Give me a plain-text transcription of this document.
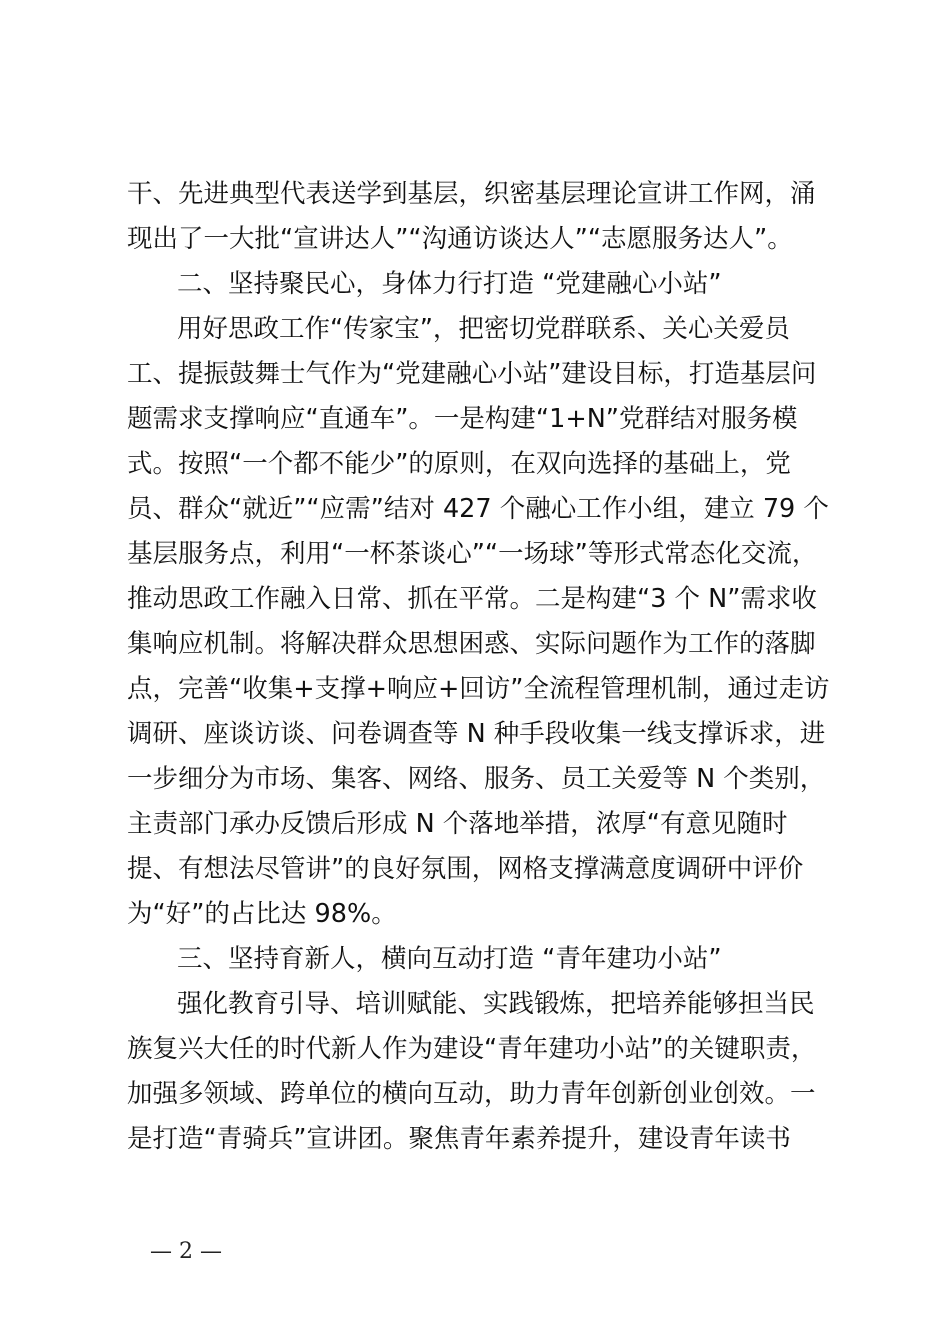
干、先进典型代表送学到基层，织密基层理论宣讲工作网，涌
现出了一大批“宣讲达人”“沟通访谈达人”“志愿服务达人”。
二、坚持聚民心，身体力行打造 “党建融心小站”
用好思政工作“传家宝”，把密切党群联系、关心关爱员
工、提振鼓舞士气作为“党建融心小站”建设目标，打造基层问
题需求支撑响应“直通车”。一是构建“1+N”党群结对服务模
式。按照“一个都不能少”的原则，在双向选择的基础上，党
员、群众“就近”“应需”结对 427 个融心工作小组，建立 79 个
基层服务点，利用“一杯茶谈心”“一场球”等形式常态化交流，
推动思政工作融入日常、抓在平常。二是构建“3 个 N”需求收
集响应机制。将解决群众思想困惑、实际问题作为工作的落脚
点，完善“收集+支撑+响应+回访”全流程管理机制，通过走访
调研、座谈访谈、问卷调查等 N 种手段收集一线支撑诉求，进
一步细分为市场、集客、网络、服务、员工关爱等 N 个类别，
主责部门承办反馈后形成 N 个落地举措，浓厚“有意见随时
提、有想法尽管讲”的良好氛围，网格支撑满意度调研中评价
为“好”的占比达 98%。
三、坚持育新人，横向互动打造 “青年建功小站”
强化教育引导、培训赋能、实践锻炼，把培养能够担当民
族复兴大任的时代新人作为建设“青年建功小站”的关键职责，
加强多领域、跨单位的横向互动，助力青年创新创业创效。一
是打造“青骑兵”宣讲团。聚焦青年素养提升，建设青年读书
— 2 —
